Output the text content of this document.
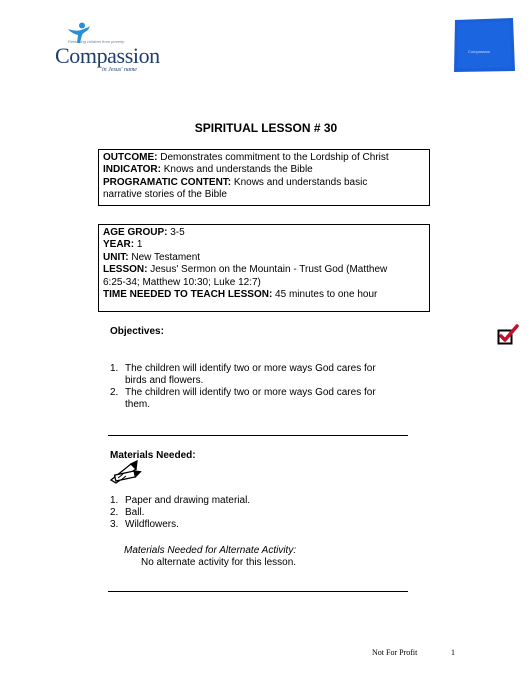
Releasing children from poverty
Compassion
in Jesus' name
Compassion
SPIRITUAL LESSON # 30

OUTCOME: Demonstrates commitment to the Lordship of Christ

INDICATOR: Knows and understands the Bible

PROGRAMATIC CONTENT: Knows and understands basic

narrative stories of the Bible

AGE GROUP: 3-5

YEAR: 1

UNIT: New Testament

LESSON: Jesus' Sermon on the Mountain - Trust God (Matthew

6:25-34; Matthew 10:30; Luke 12:7)

TIME NEEDED TO TEACH LESSON: 45 minutes to one hour

Objectives:
1. The children will identify two or more ways God cares for
birds and flowers.
2. The children will identify two or more ways God cares for
them.
Materials Needed:
1. Paper and drawing material.
2. Ball.
3. Wildflowers.
Materials Needed for Alternate Activity:
No alternate activity for this lesson.
Not For Profit	1
